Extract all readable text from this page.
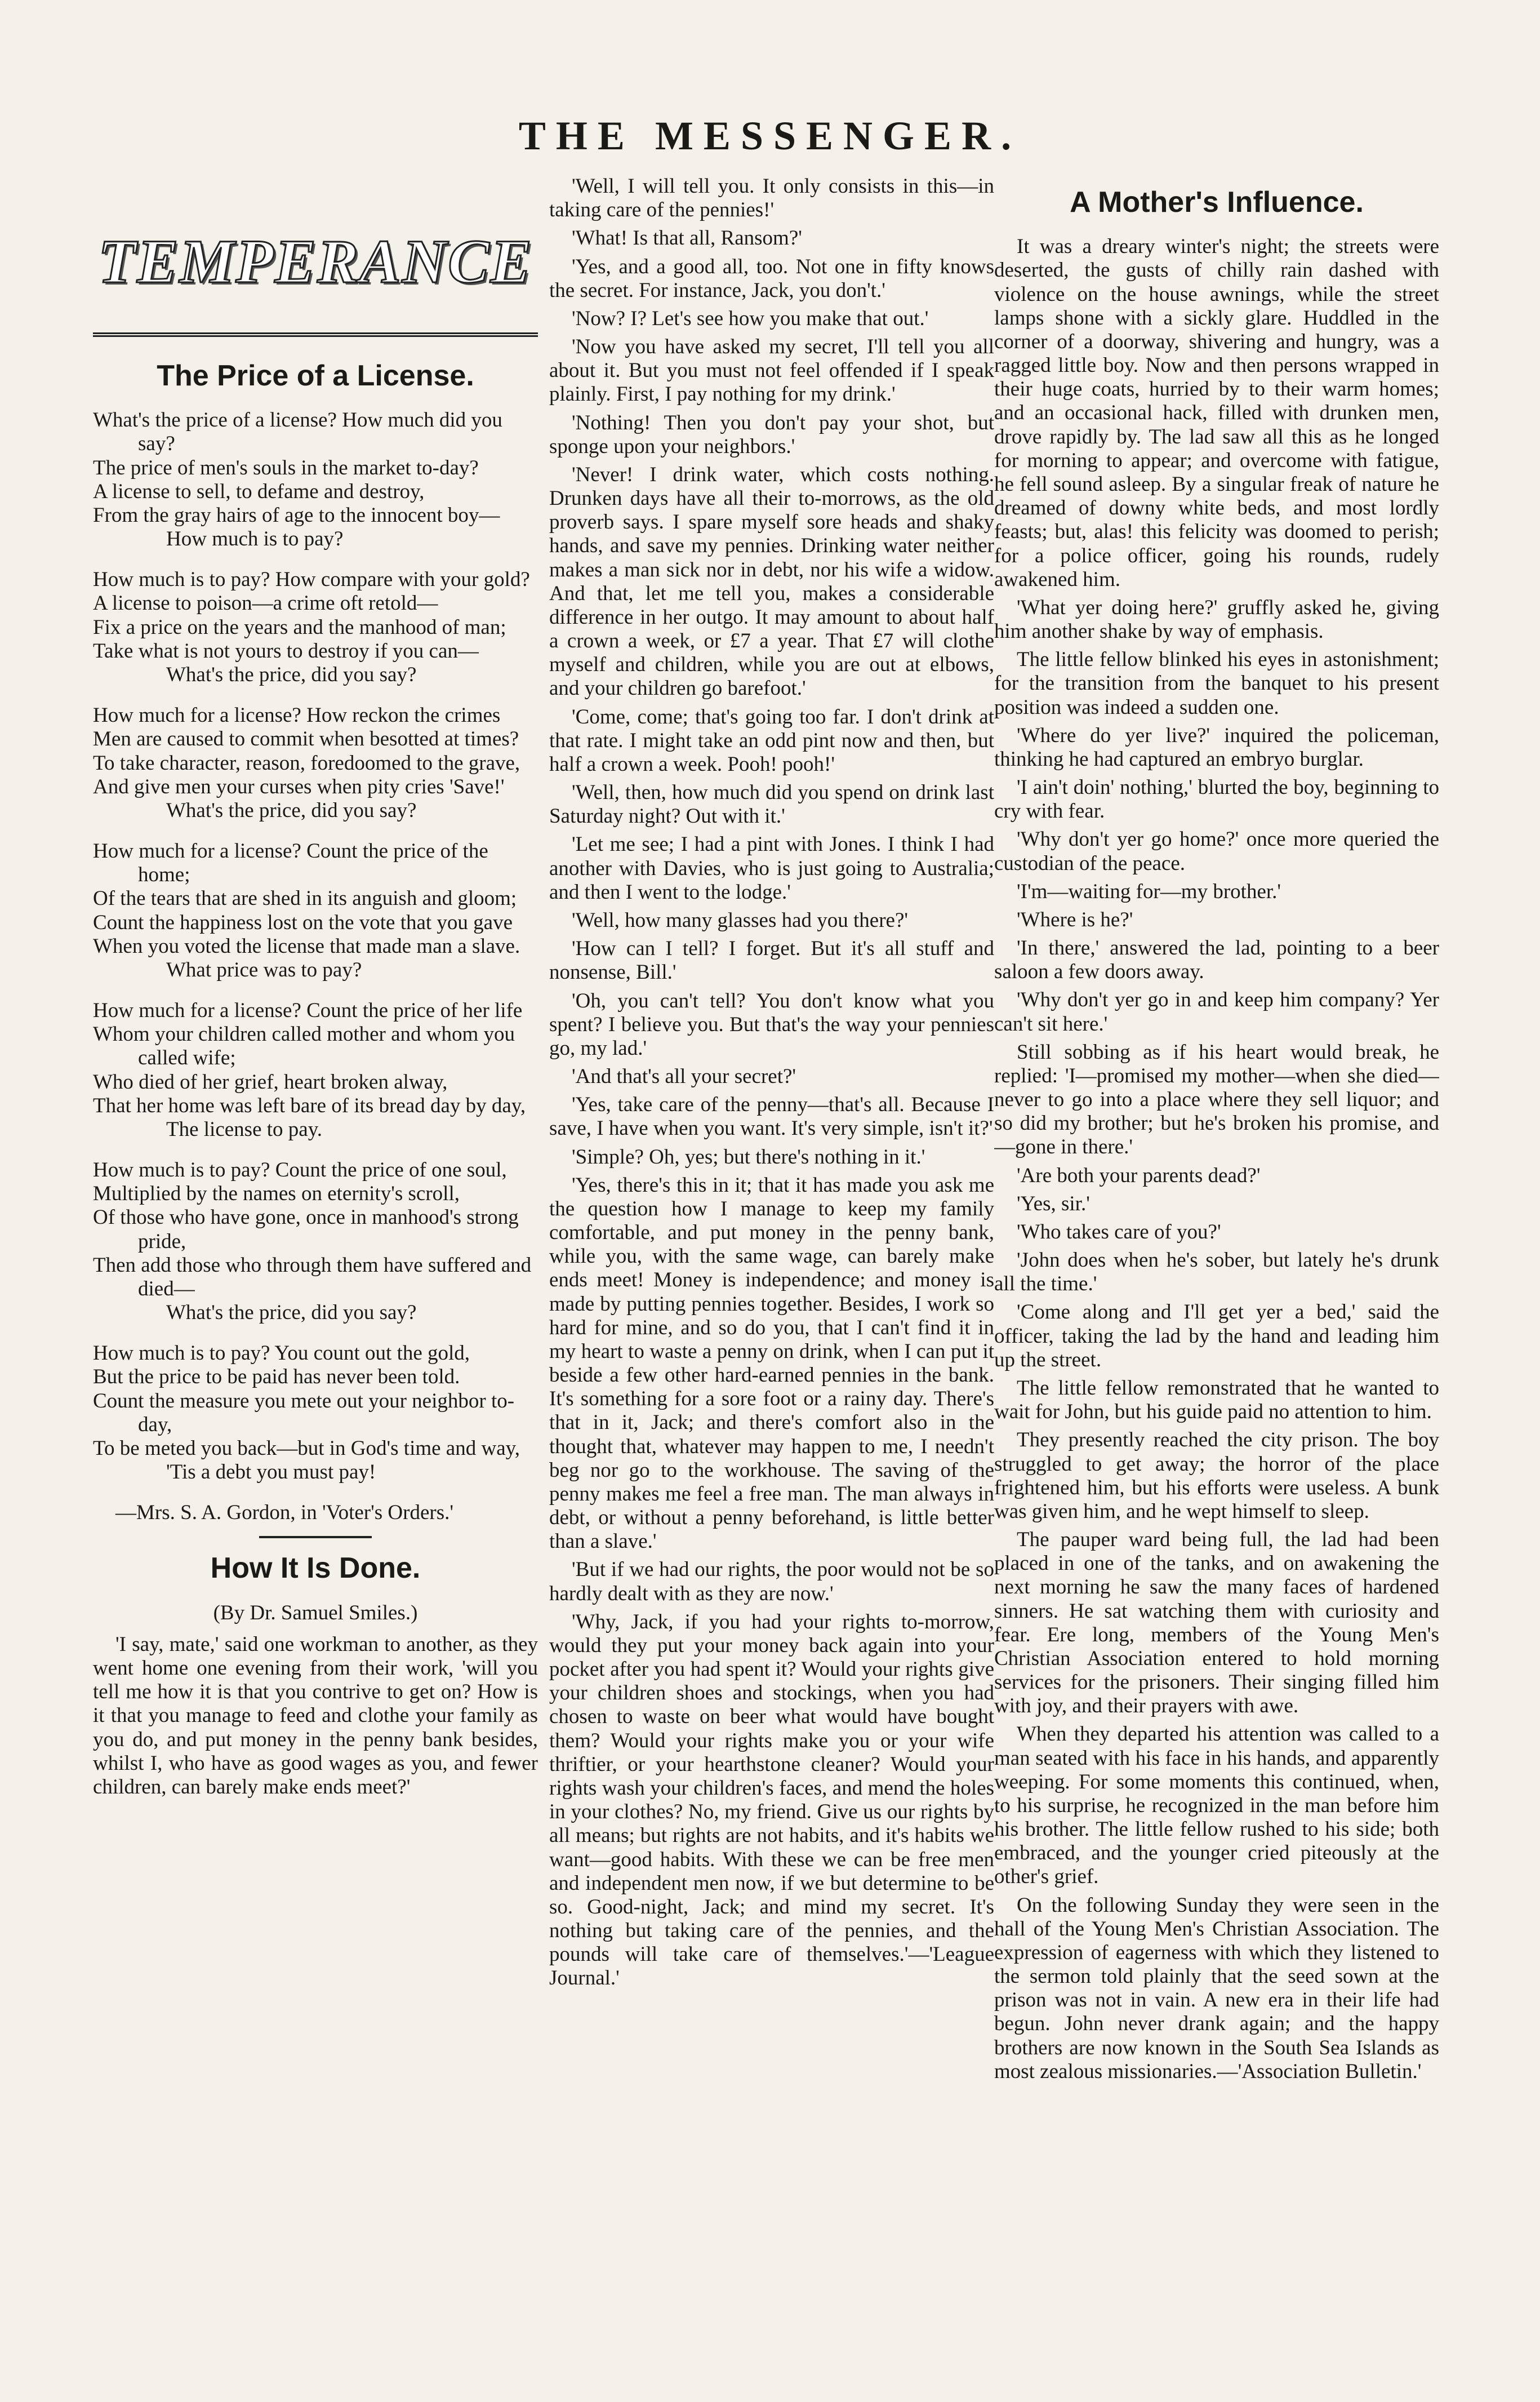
THE MESSENGER.
TEMPERANCE
The Price of a License.

What's the price of a license? How much did you say?

The price of men's souls in the market to-day?

A license to sell, to defame and destroy,

From the gray hairs of age to the innocent boy—

How much is to pay?

How much is to pay? How compare with your gold?

A license to poison—a crime oft retold—

Fix a price on the years and the manhood of man;

Take what is not yours to destroy if you can—

What's the price, did you say?

How much for a license? How reckon the crimes

Men are caused to commit when besotted at times?

To take character, reason, foredoomed to the grave,

And give men your curses when pity cries 'Save!'

What's the price, did you say?

How much for a license? Count the price of the home;

Of the tears that are shed in its anguish and gloom;

Count the happiness lost on the vote that you gave

When you voted the license that made man a slave.

What price was to pay?

How much for a license? Count the price of her life

Whom your children called mother and whom you called wife;

Who died of her grief, heart broken alway,

That her home was left bare of its bread day by day,

The license to pay.

How much is to pay? Count the price of one soul,

Multiplied by the names on eternity's scroll,

Of those who have gone, once in manhood's strong pride,

Then add those who through them have suffered and died—

What's the price, did you say?

How much is to pay? You count out the gold,

But the price to be paid has never been told.

Count the measure you mete out your neighbor to-day,

To be meted you back—but in God's time and way,

'Tis a debt you must pay!

—Mrs. S. A. Gordon, in 'Voter's Orders.'

How It Is Done.

(By Dr. Samuel Smiles.)

'I say, mate,' said one workman to another, as they went home one evening from their work, 'will you tell me how it is that you contrive to get on? How is it that you manage to feed and clothe your family as you do, and put money in the penny bank besides, whilst I, who have as good wages as you, and fewer children, can barely make ends meet?'

'Well, I will tell you. It only consists in this—in taking care of the pennies!'

'What! Is that all, Ransom?'

'Yes, and a good all, too. Not one in fifty knows the secret. For instance, Jack, you don't.'

'Now? I? Let's see how you make that out.'

'Now you have asked my secret, I'll tell you all about it. But you must not feel offended if I speak plainly. First, I pay nothing for my drink.'

'Nothing! Then you don't pay your shot, but sponge upon your neighbors.'

'Never! I drink water, which costs nothing. Drunken days have all their to-morrows, as the old proverb says. I spare myself sore heads and shaky hands, and save my pennies. Drinking water neither makes a man sick nor in debt, nor his wife a widow. And that, let me tell you, makes a considerable difference in her outgo. It may amount to about half a crown a week, or £7 a year. That £7 will clothe myself and children, while you are out at elbows, and your children go barefoot.'

'Come, come; that's going too far. I don't drink at that rate. I might take an odd pint now and then, but half a crown a week. Pooh! pooh!'

'Well, then, how much did you spend on drink last Saturday night? Out with it.'

'Let me see; I had a pint with Jones. I think I had another with Davies, who is just going to Australia; and then I went to the lodge.'

'Well, how many glasses had you there?'

'How can I tell? I forget. But it's all stuff and nonsense, Bill.'

'Oh, you can't tell? You don't know what you spent? I believe you. But that's the way your pennies go, my lad.'

'And that's all your secret?'

'Yes, take care of the penny—that's all. Because I save, I have when you want. It's very simple, isn't it?'

'Simple? Oh, yes; but there's nothing in it.'

'Yes, there's this in it; that it has made you ask me the question how I manage to keep my family comfortable, and put money in the penny bank, while you, with the same wage, can barely make ends meet! Money is independence; and money is made by putting pennies together. Besides, I work so hard for mine, and so do you, that I can't find it in my heart to waste a penny on drink, when I can put it beside a few other hard-earned pennies in the bank. It's something for a sore foot or a rainy day. There's that in it, Jack; and there's comfort also in the thought that, whatever may happen to me, I needn't beg nor go to the workhouse. The saving of the penny makes me feel a free man. The man always in debt, or without a penny beforehand, is little better than a slave.'

'But if we had our rights, the poor would not be so hardly dealt with as they are now.'

'Why, Jack, if you had your rights to-morrow, would they put your money back again into your pocket after you had spent it? Would your rights give your children shoes and stockings, when you had chosen to waste on beer what would have bought them? Would your rights make you or your wife thriftier, or your hearthstone cleaner? Would your rights wash your children's faces, and mend the holes in your clothes? No, my friend. Give us our rights by all means; but rights are not habits, and it's habits we want—good habits. With these we can be free men and independent men now, if we but determine to be so. Good-night, Jack; and mind my secret. It's nothing but taking care of the pennies, and the pounds will take care of themselves.'—'League Journal.'

A Mother's Influence.

It was a dreary winter's night; the streets were deserted, the gusts of chilly rain dashed with violence on the house awnings, while the street lamps shone with a sickly glare. Huddled in the corner of a doorway, shivering and hungry, was a ragged little boy. Now and then persons wrapped in their huge coats, hurried by to their warm homes; and an occasional hack, filled with drunken men, drove rapidly by. The lad saw all this as he longed for morning to appear; and overcome with fatigue, he fell sound asleep. By a singular freak of nature he dreamed of downy white beds, and most lordly feasts; but, alas! this felicity was doomed to perish; for a police officer, going his rounds, rudely awakened him.

'What yer doing here?' gruffly asked he, giving him another shake by way of emphasis.

The little fellow blinked his eyes in astonishment; for the transition from the banquet to his present position was indeed a sudden one.

'Where do yer live?' inquired the policeman, thinking he had captured an embryo burglar.

'I ain't doin' nothing,' blurted the boy, beginning to cry with fear.

'Why don't yer go home?' once more queried the custodian of the peace.

'I'm—waiting for—my brother.'

'Where is he?'

'In there,' answered the lad, pointing to a beer saloon a few doors away.

'Why don't yer go in and keep him company? Yer can't sit here.'

Still sobbing as if his heart would break, he replied: 'I—promised my mother—when she died—never to go into a place where they sell liquor; and so did my brother; but he's broken his promise, and—gone in there.'

'Are both your parents dead?'

'Yes, sir.'

'Who takes care of you?'

'John does when he's sober, but lately he's drunk all the time.'

'Come along and I'll get yer a bed,' said the officer, taking the lad by the hand and leading him up the street.

The little fellow remonstrated that he wanted to wait for John, but his guide paid no attention to him.

They presently reached the city prison. The boy struggled to get away; the horror of the place frightened him, but his efforts were useless. A bunk was given him, and he wept himself to sleep.

The pauper ward being full, the lad had been placed in one of the tanks, and on awakening the next morning he saw the many faces of hardened sinners. He sat watching them with curiosity and fear. Ere long, members of the Young Men's Christian Association entered to hold morning services for the prisoners. Their singing filled him with joy, and their prayers with awe.

When they departed his attention was called to a man seated with his face in his hands, and apparently weeping. For some moments this continued, when, to his surprise, he recognized in the man before him his brother. The little fellow rushed to his side; both embraced, and the younger cried piteously at the other's grief.

On the following Sunday they were seen in the hall of the Young Men's Christian Association. The expression of eagerness with which they listened to the sermon told plainly that the seed sown at the prison was not in vain. A new era in their life had begun. John never drank again; and the happy brothers are now known in the South Sea Islands as most zealous missionaries.—'Association Bulletin.'
